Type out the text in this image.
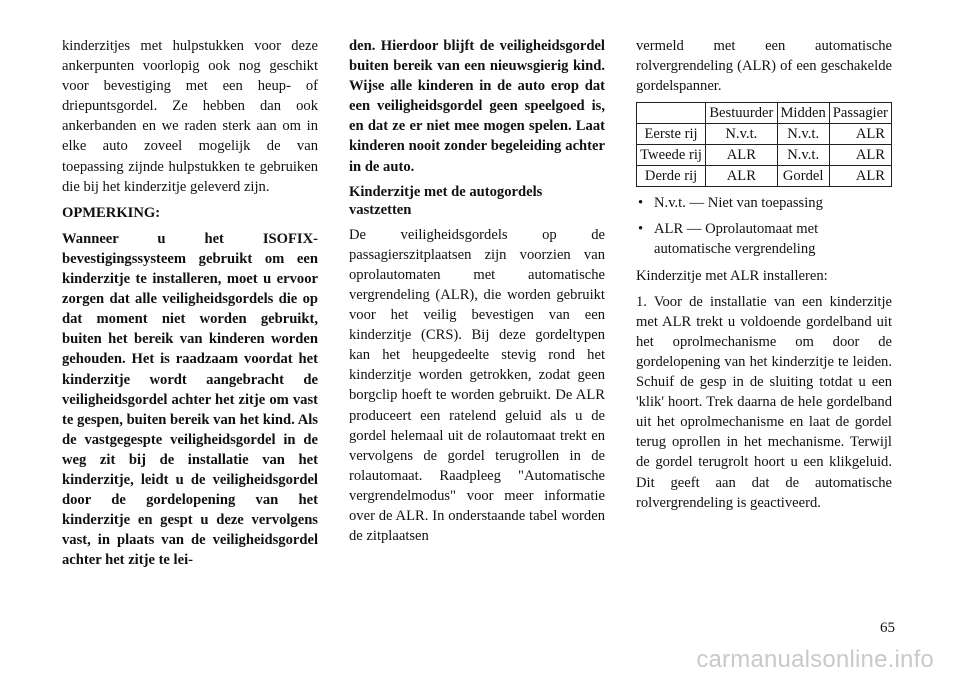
kinderzitjes met hulpstukken voor deze ankerpunten voorlopig ook nog geschikt voor bevestiging met een heup- of driepuntsgordel. Ze hebben dan ook ankerbanden en we raden sterk aan om in elke auto zoveel mogelijk de van toepassing zijnde hulpstukken te gebruiken die bij het kinderzitje geleverd zijn.

OPMERKING:

Wanneer u het ISOFIX-bevestigingssysteem gebruikt om een kinderzitje te installeren, moet u ervoor zorgen dat alle veiligheidsgordels die op dat moment niet worden gebruikt, buiten het bereik van kinderen worden gehouden. Het is raadzaam voordat het kinderzitje wordt aangebracht de veiligheidsgordel achter het zitje om vast te gespen, buiten bereik van het kind. Als de vastgegespte veiligheidsgordel in de weg zit bij de installatie van het kinderzitje, leidt u de veiligheidsgordel door de gordelopening van het kinderzitje en gespt u deze vervolgens vast, in plaats van de veiligheidsgordel achter het zitje te lei-

den. Hierdoor blijft de veiligheidsgordel buiten bereik van een nieuwsgierig kind. Wijse alle kinderen in de auto erop dat een veiligheidsgordel geen speelgoed is, en dat ze er niet mee mogen spelen. Laat kinderen nooit zonder begeleiding achter in de auto.

Kinderzitje met de autogordels vastzetten

De veiligheidsgordels op de passagierszitplaatsen zijn voorzien van oprolautomaten met automatische vergrendeling (ALR), die worden gebruikt voor het veilig bevestigen van een kinderzitje (CRS). Bij deze gordeltypen kan het heupgedeelte stevig rond het kinderzitje worden getrokken, zodat geen borgclip hoeft te worden gebruikt. De ALR produceert een ratelend geluid als u de gordel helemaal uit de rolautomaat trekt en vervolgens de gordel terugrollen in de rolautomaat. Raadpleeg "Automatische vergrendelmodus" voor meer informatie over de ALR. In onderstaande tabel worden de zitplaatsen

vermeld met een automatische rolvergrendeling (ALR) of een geschakelde gordelspanner.

	Bestuurder	Midden	Passagier
Eerste rij	N.v.t.	N.v.t.	ALR
Tweede rij	ALR	N.v.t.	ALR
Derde rij	ALR	Gordel	ALR
• N.v.t. — Niet van toepassing
• ALR — Oprolautomaat met automatische vergrendeling

Kinderzitje met ALR installeren:

1. Voor de installatie van een kinderzitje met ALR trekt u voldoende gordelband uit het oprolmechanisme om door de gordelopening van het kinderzitje te leiden. Schuif de gesp in de sluiting totdat u een 'klik' hoort. Trek daarna de hele gordelband uit het oprolmechanisme en laat de gordel terug oprollen in het mechanisme. Terwijl de gordel terugrolt hoort u een klikgeluid. Dit geeft aan dat de automatische rolvergrendeling is geactiveerd.

65
carmanualsonline.info
